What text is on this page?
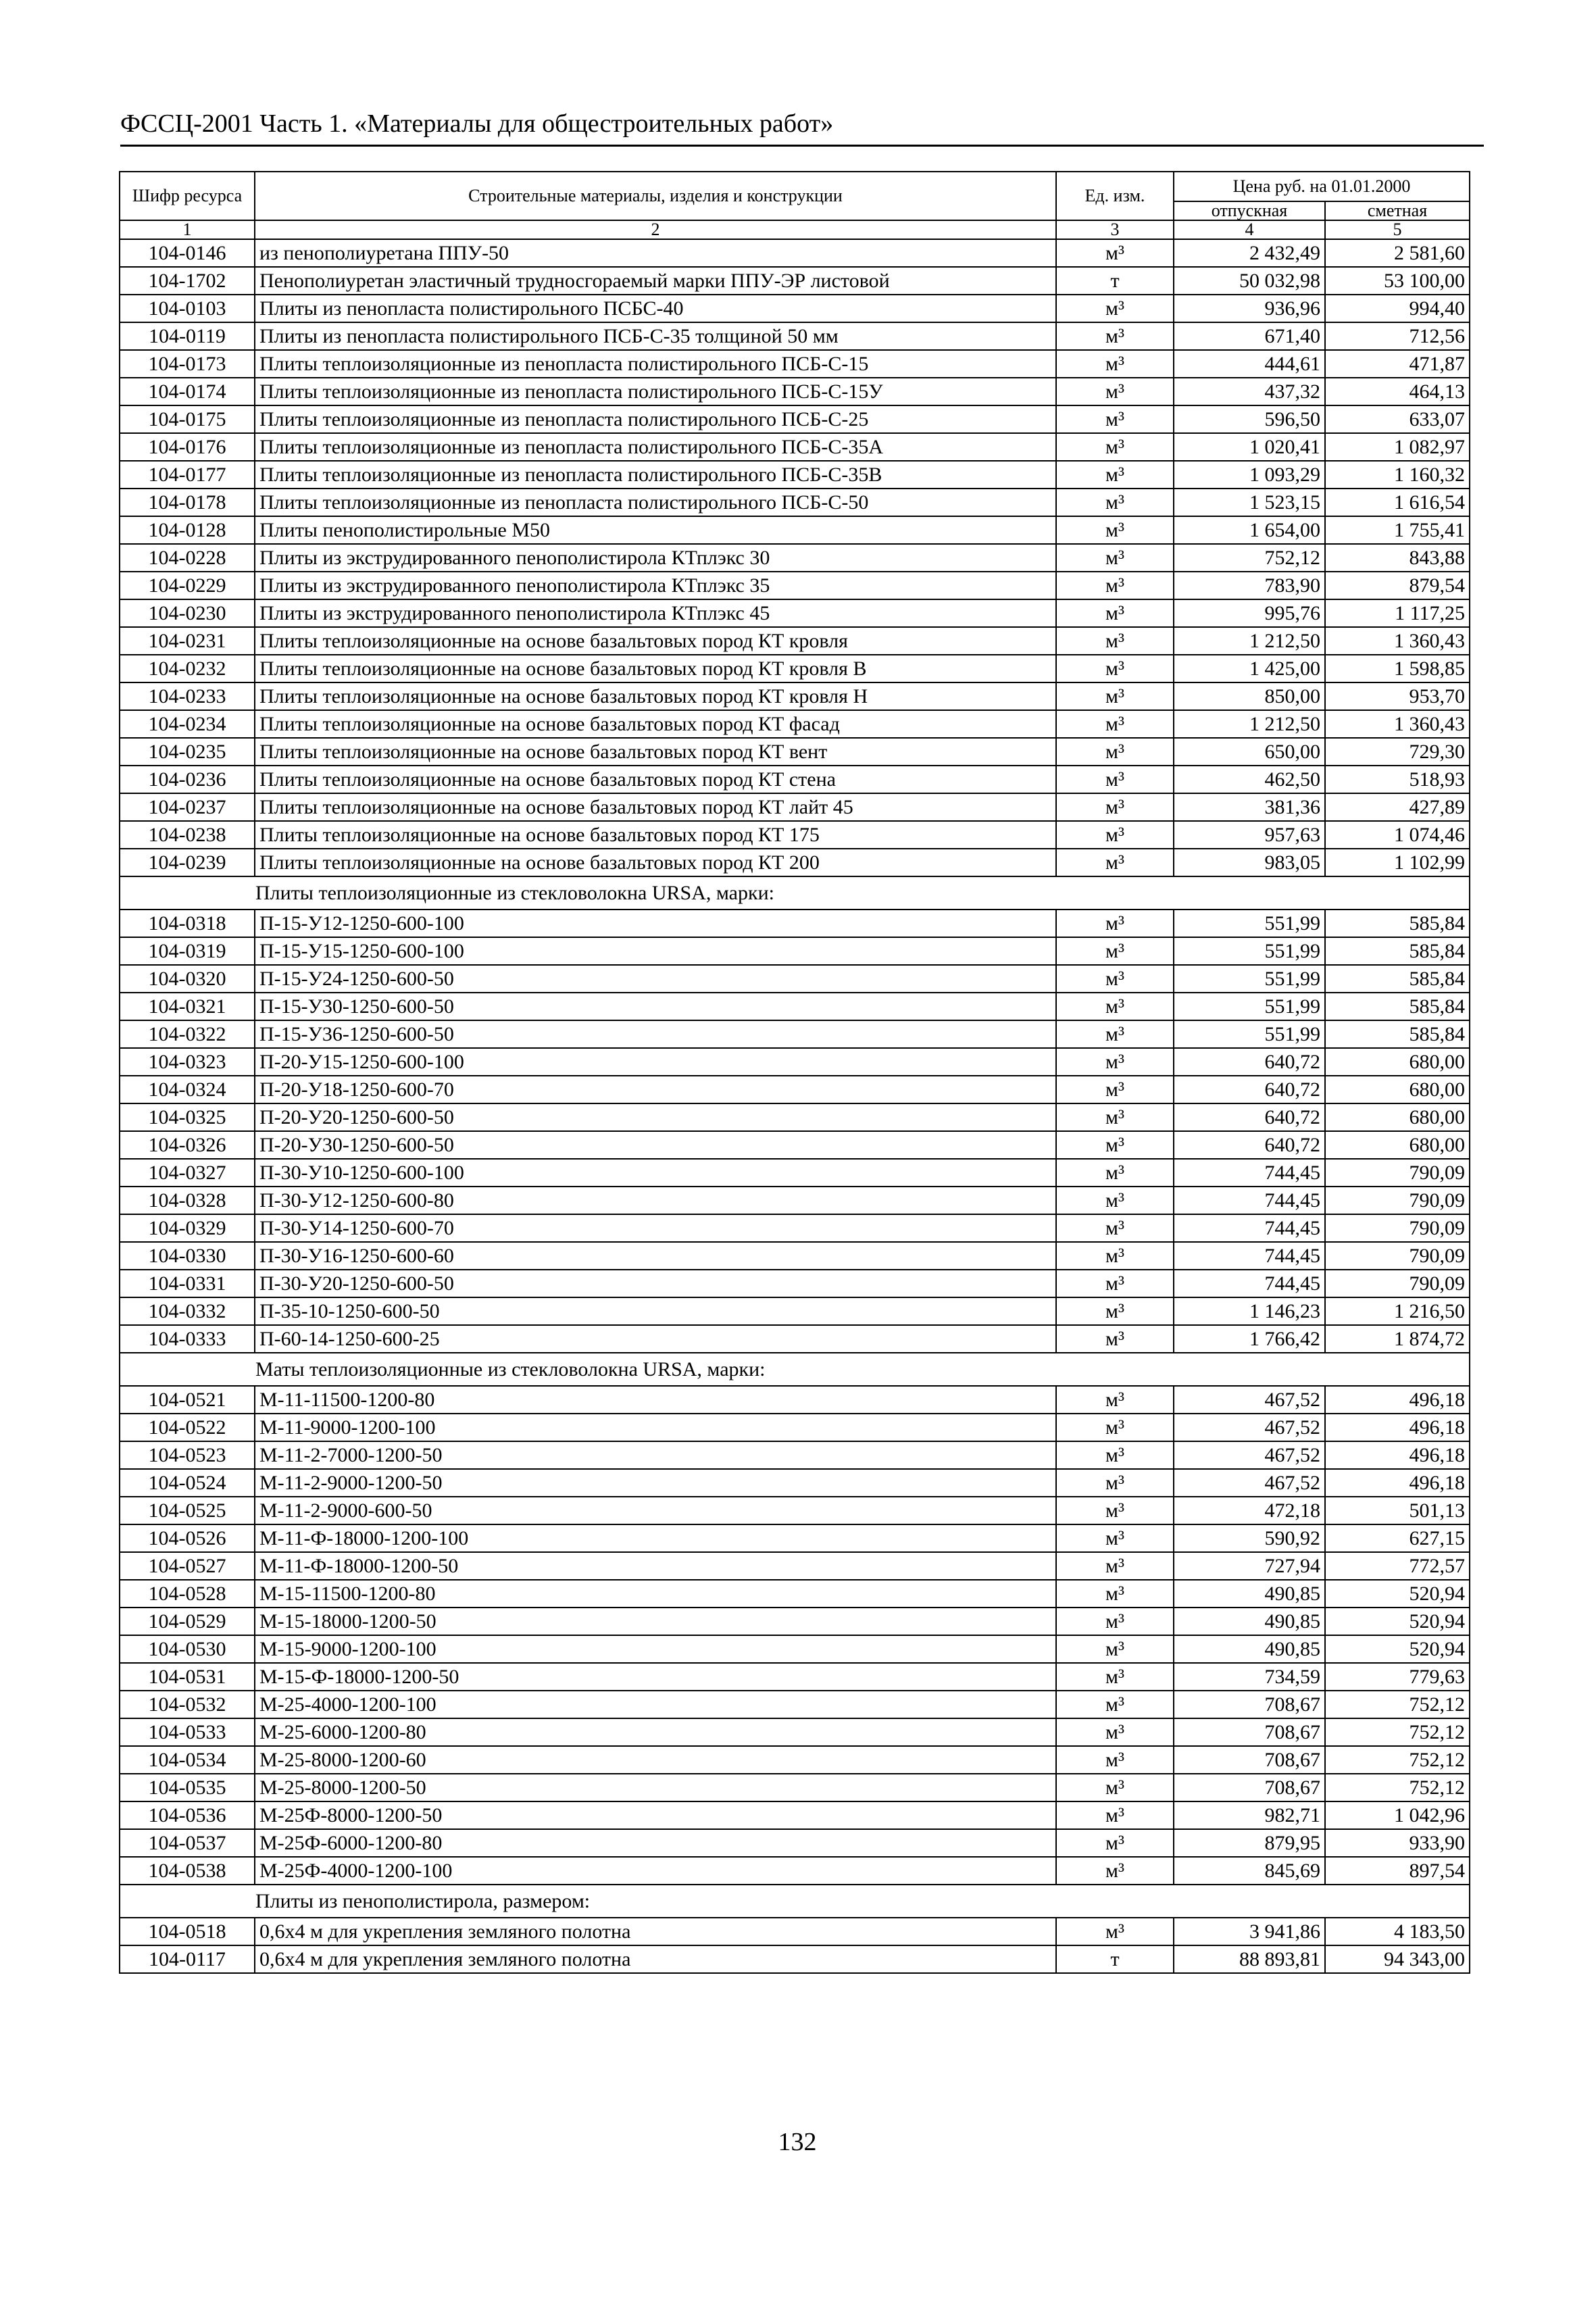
ФССЦ-2001 Часть 1. «Материалы для общестроительных работ»
Шифр ресурса	Строительные материалы, изделия и конструкции	Ед. изм.	Цена руб. на 01.01.2000	
			отпускная	сметная
1	2	3	4	5
104-0146	из пенополиуретана ППУ-50	м³	2 432,49	2 581,60
104-1702	Пенополиуретан эластичный трудносгораемый марки ППУ-ЭР листовой	т	50 032,98	53 100,00
104-0103	Плиты из пенопласта полистирольного ПСБС-40	м³	936,96	994,40
104-0119	Плиты из пенопласта полистирольного ПСБ-С-35 толщиной 50 мм	м³	671,40	712,56
104-0173	Плиты теплоизоляционные из пенопласта полистирольного ПСБ-С-15	м³	444,61	471,87
104-0174	Плиты теплоизоляционные из пенопласта полистирольного ПСБ-С-15У	м³	437,32	464,13
104-0175	Плиты теплоизоляционные из пенопласта полистирольного ПСБ-С-25	м³	596,50	633,07
104-0176	Плиты теплоизоляционные из пенопласта полистирольного ПСБ-С-35А	м³	1 020,41	1 082,97
104-0177	Плиты теплоизоляционные из пенопласта полистирольного ПСБ-С-35В	м³	1 093,29	1 160,32
104-0178	Плиты теплоизоляционные из пенопласта полистирольного ПСБ-С-50	м³	1 523,15	1 616,54
104-0128	Плиты пенополистирольные М50	м³	1 654,00	1 755,41
104-0228	Плиты из экструдированного пенополистирола КТплэкс 30	м³	752,12	843,88
104-0229	Плиты из экструдированного пенополистирола КТплэкс 35	м³	783,90	879,54
104-0230	Плиты из экструдированного пенополистирола КТплэкс 45	м³	995,76	1 117,25
104-0231	Плиты теплоизоляционные на основе базальтовых пород КТ кровля	м³	1 212,50	1 360,43
104-0232	Плиты теплоизоляционные на основе базальтовых пород КТ кровля В	м³	1 425,00	1 598,85
104-0233	Плиты теплоизоляционные на основе базальтовых пород КТ кровля Н	м³	850,00	953,70
104-0234	Плиты теплоизоляционные на основе базальтовых пород КТ фасад	м³	1 212,50	1 360,43
104-0235	Плиты теплоизоляционные на основе базальтовых пород КТ вент	м³	650,00	729,30
104-0236	Плиты теплоизоляционные на основе базальтовых пород КТ стена	м³	462,50	518,93
104-0237	Плиты теплоизоляционные на основе базальтовых пород КТ лайт 45	м³	381,36	427,89
104-0238	Плиты теплоизоляционные на основе базальтовых пород КТ 175	м³	957,63	1 074,46
104-0239	Плиты теплоизоляционные на основе базальтовых пород КТ 200	м³	983,05	1 102,99
Плиты теплоизоляционные из стекловолокна URSA, марки:				
104-0318	П-15-У12-1250-600-100	м³	551,99	585,84
104-0319	П-15-У15-1250-600-100	м³	551,99	585,84
104-0320	П-15-У24-1250-600-50	м³	551,99	585,84
104-0321	П-15-У30-1250-600-50	м³	551,99	585,84
104-0322	П-15-У36-1250-600-50	м³	551,99	585,84
104-0323	П-20-У15-1250-600-100	м³	640,72	680,00
104-0324	П-20-У18-1250-600-70	м³	640,72	680,00
104-0325	П-20-У20-1250-600-50	м³	640,72	680,00
104-0326	П-20-У30-1250-600-50	м³	640,72	680,00
104-0327	П-30-У10-1250-600-100	м³	744,45	790,09
104-0328	П-30-У12-1250-600-80	м³	744,45	790,09
104-0329	П-30-У14-1250-600-70	м³	744,45	790,09
104-0330	П-30-У16-1250-600-60	м³	744,45	790,09
104-0331	П-30-У20-1250-600-50	м³	744,45	790,09
104-0332	П-35-10-1250-600-50	м³	1 146,23	1 216,50
104-0333	П-60-14-1250-600-25	м³	1 766,42	1 874,72
Маты теплоизоляционные из стекловолокна URSA, марки:				
104-0521	М-11-11500-1200-80	м³	467,52	496,18
104-0522	М-11-9000-1200-100	м³	467,52	496,18
104-0523	М-11-2-7000-1200-50	м³	467,52	496,18
104-0524	М-11-2-9000-1200-50	м³	467,52	496,18
104-0525	М-11-2-9000-600-50	м³	472,18	501,13
104-0526	М-11-Ф-18000-1200-100	м³	590,92	627,15
104-0527	М-11-Ф-18000-1200-50	м³	727,94	772,57
104-0528	М-15-11500-1200-80	м³	490,85	520,94
104-0529	М-15-18000-1200-50	м³	490,85	520,94
104-0530	М-15-9000-1200-100	м³	490,85	520,94
104-0531	М-15-Ф-18000-1200-50	м³	734,59	779,63
104-0532	М-25-4000-1200-100	м³	708,67	752,12
104-0533	М-25-6000-1200-80	м³	708,67	752,12
104-0534	М-25-8000-1200-60	м³	708,67	752,12
104-0535	М-25-8000-1200-50	м³	708,67	752,12
104-0536	М-25Ф-8000-1200-50	м³	982,71	1 042,96
104-0537	М-25Ф-6000-1200-80	м³	879,95	933,90
104-0538	М-25Ф-4000-1200-100	м³	845,69	897,54
Плиты из пенополистирола, размером:				
104-0518	0,6х4 м для укрепления земляного полотна	м³	3 941,86	4 183,50
104-0117	0,6х4 м для укрепления земляного полотна	т	88 893,81	94 343,00
132
